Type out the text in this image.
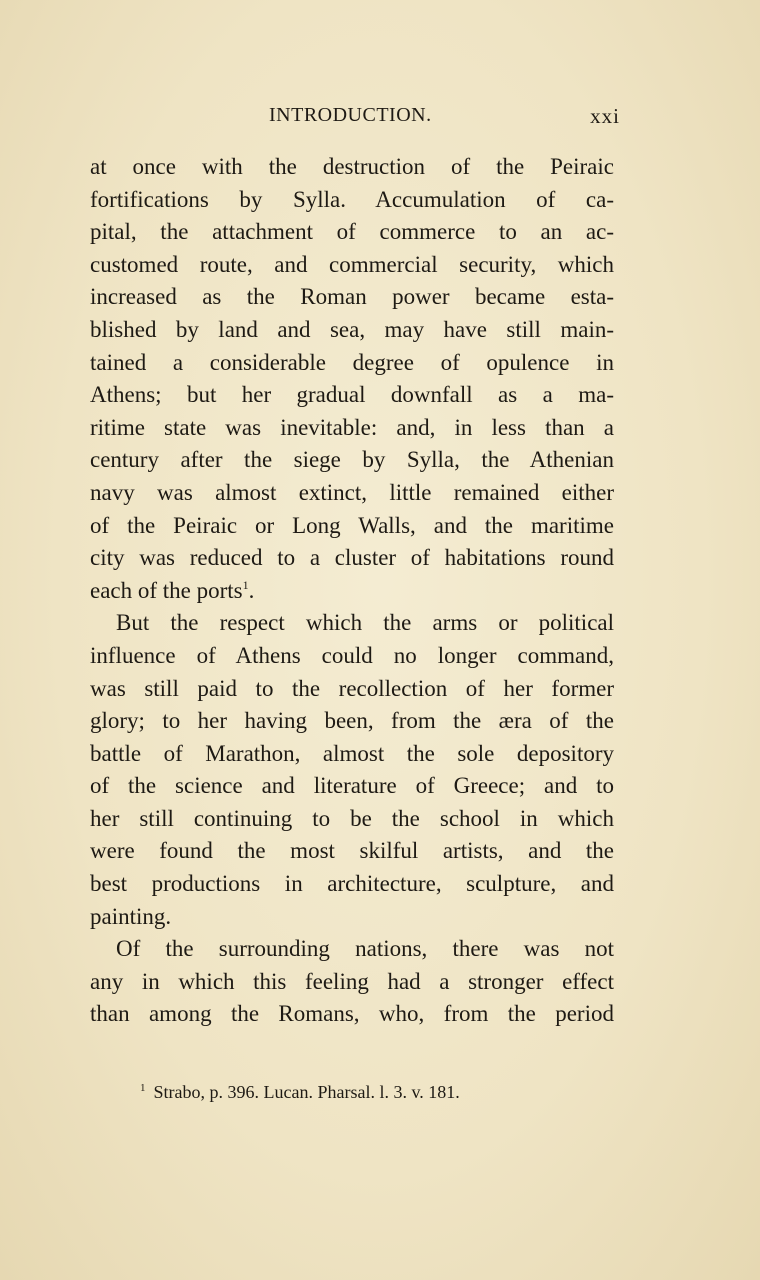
INTRODUCTION.	xxi
at once with the destruction of the Peiraic
fortifications by Sylla. Accumulation of ca-
pital, the attachment of commerce to an ac-
customed route, and commercial security, which
increased as the Roman power became esta-
blished by land and sea, may have still main-
tained a considerable degree of opulence in
Athens; but her gradual downfall as a ma-
ritime state was inevitable: and, in less than a
century after the siege by Sylla, the Athenian
navy was almost extinct, little remained either
of the Peiraic or Long Walls, and the maritime
city was reduced to a cluster of habitations round
each of the ports$^1$.
But the respect which the arms or political
influence of Athens could no longer command,
was still paid to the recollection of her former
glory; to her having been, from the æra of the
battle of Marathon, almost the sole depository
of the science and literature of Greece; and to
her still continuing to be the school in which
were found the most skilful artists, and the
best productions in architecture, sculpture, and
painting.
Of the surrounding nations, there was not
any in which this feeling had a stronger effect
than among the Romans, who, from the period
$^1$ Strabo, p. 396. Lucan. Pharsal. l. 3. v. 181.
